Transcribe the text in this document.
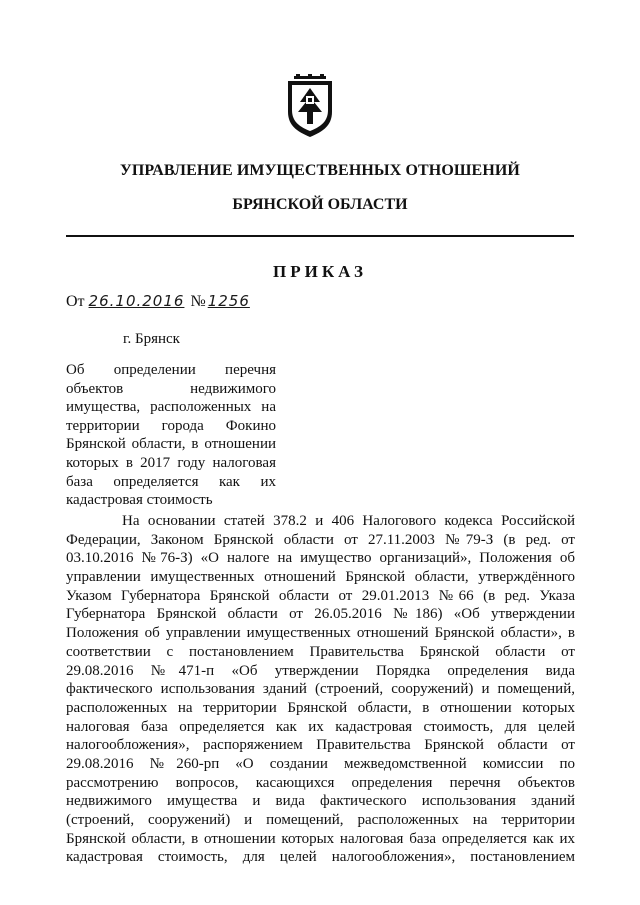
УПРАВЛЕНИЕ ИМУЩЕСТВЕННЫХ ОТНОШЕНИЙ
БРЯНСКОЙ ОБЛАСТИ
ПРИКАЗ
От 26.10.2016 № 1256
г. Брянск
Об определении перечня
объектов недвижимого
имущества, расположенных на
территории города Фокино
Брянской области, в отношении
которых в 2017 году налоговая
база определяется как их
кадастровая стоимость
На основании статей 378.2 и 406 Налогового кодекса Российской
Федерации, Законом Брянской области от 27.11.2003 №79-З (в ред. от
03.10.2016 №76-З) «О налоге на имущество организаций», Положения об
управлении имущественных отношений Брянской области, утверждённого
Указом Губернатора Брянской области от 29.01.2013 №66 (в ред. Указа
Губернатора Брянской области от 26.05.2016 №186) «Об утверждении
Положения об управлении имущественных отношений Брянской области», в
соответствии с постановлением Правительства Брянской области от
29.08.2016 №471-п «Об утверждении Порядка определения вида
фактического использования зданий (строений, сооружений) и помещений,
расположенных на территории Брянской области, в отношении которых
налоговая база определяется как их кадастровая стоимость, для целей
налогообложения», распоряжением Правительства Брянской области от
29.08.2016 №260-рп «О создании межведомственной комиссии по
рассмотрению вопросов, касающихся определения перечня объектов
недвижимого имущества и вида фактического использования зданий
(строений, сооружений) и помещений, расположенных на территории
Брянской области, в отношении которых налоговая база определяется как их
кадастровая стоимость, для целей налогообложения», постановлением
